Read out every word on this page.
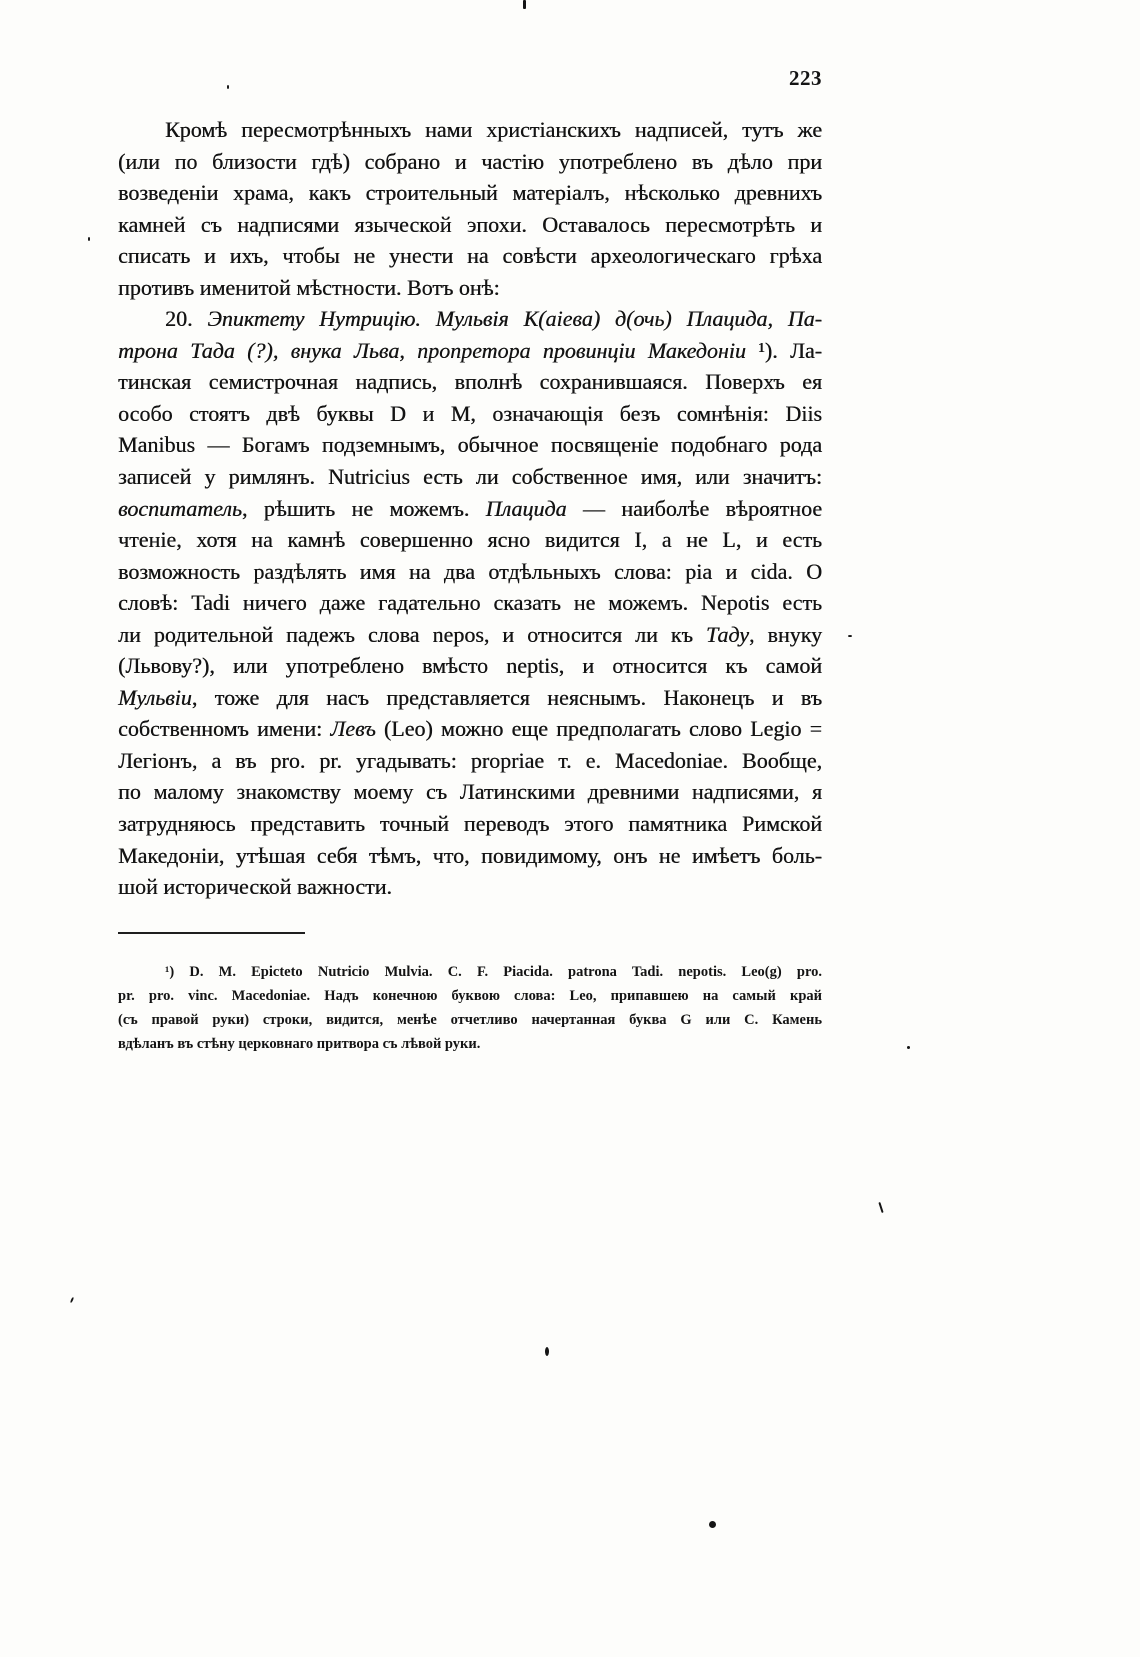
223
Кромѣ пересмотрѣнныхъ нами христіанскихъ надписей, тутъ же
(или по близости гдѣ) собрано и частію употреблено въ дѣло при
возведеніи храма, какъ строительный матеріалъ, нѣсколько древнихъ
камней съ надписями языческой эпохи. Оставалось пересмотрѣть и
списать и ихъ, чтобы не унести на совѣсти археологическаго грѣха
противъ именитой мѣстности. Вотъ онѣ:
20. Эпиктету Нутрицію. Мульвія К(аіева) д(очь) Плацида, Па-
трона Тада (?), внука Льва, пропретора провинціи Македоніи ¹). Ла-
тинская семистрочная надпись, вполнѣ сохранившаяся. Поверхъ ея
особо стоятъ двѣ буквы D и M, означающія безъ сомнѣнія: Diis
Manibus — Богамъ подземнымъ, обычное посвященіе подобнаго рода
записей у римлянъ. Nutricius есть ли собственное имя, или значитъ:
воспитатель, рѣшить не можемъ. Плацида — наиболѣе вѣроятное
чтеніе, хотя на камнѣ совершенно ясно видится I, а не L, и есть
возможность раздѣлять имя на два отдѣльныхъ слова: pia и cida. О
словѣ: Tadi ничего даже гадательно сказать не можемъ. Nepotis есть
ли родительной падежъ слова nepos, и относится ли къ Таду, внуку
(Львову?), или употреблено вмѣсто neptis, и относится къ самой
Мульвіи, тоже для насъ представляется неяснымъ. Наконецъ и въ
собственномъ имени: Левъ (Leo) можно еще предполагать слово Legio =
Легіонъ, а въ pro. pr. угадывать: propriae т. е. Macedoniae. Вообще,
по малому знакомству моему съ Латинскими древними надписями, я
затрудняюсь представить точный переводъ этого памятника Римской
Македоніи, утѣшая себя тѣмъ, что, повидимому, онъ не имѣетъ боль-
шой исторической важности.
¹) D. M. Epicteto Nutricio Mulvia. C. F. Piacida. patrona Tadi. nepotis. Leo(g) pro.
pr. pro. vinc. Macedoniae. Надъ конечною буквою слова: Leo, припавшею на самый край
(съ правой руки) строки, видится, менѣе отчетливо начертанная буква G или C. Камень
вдѣланъ въ стѣну церковнаго притвора съ лѣвой руки.
